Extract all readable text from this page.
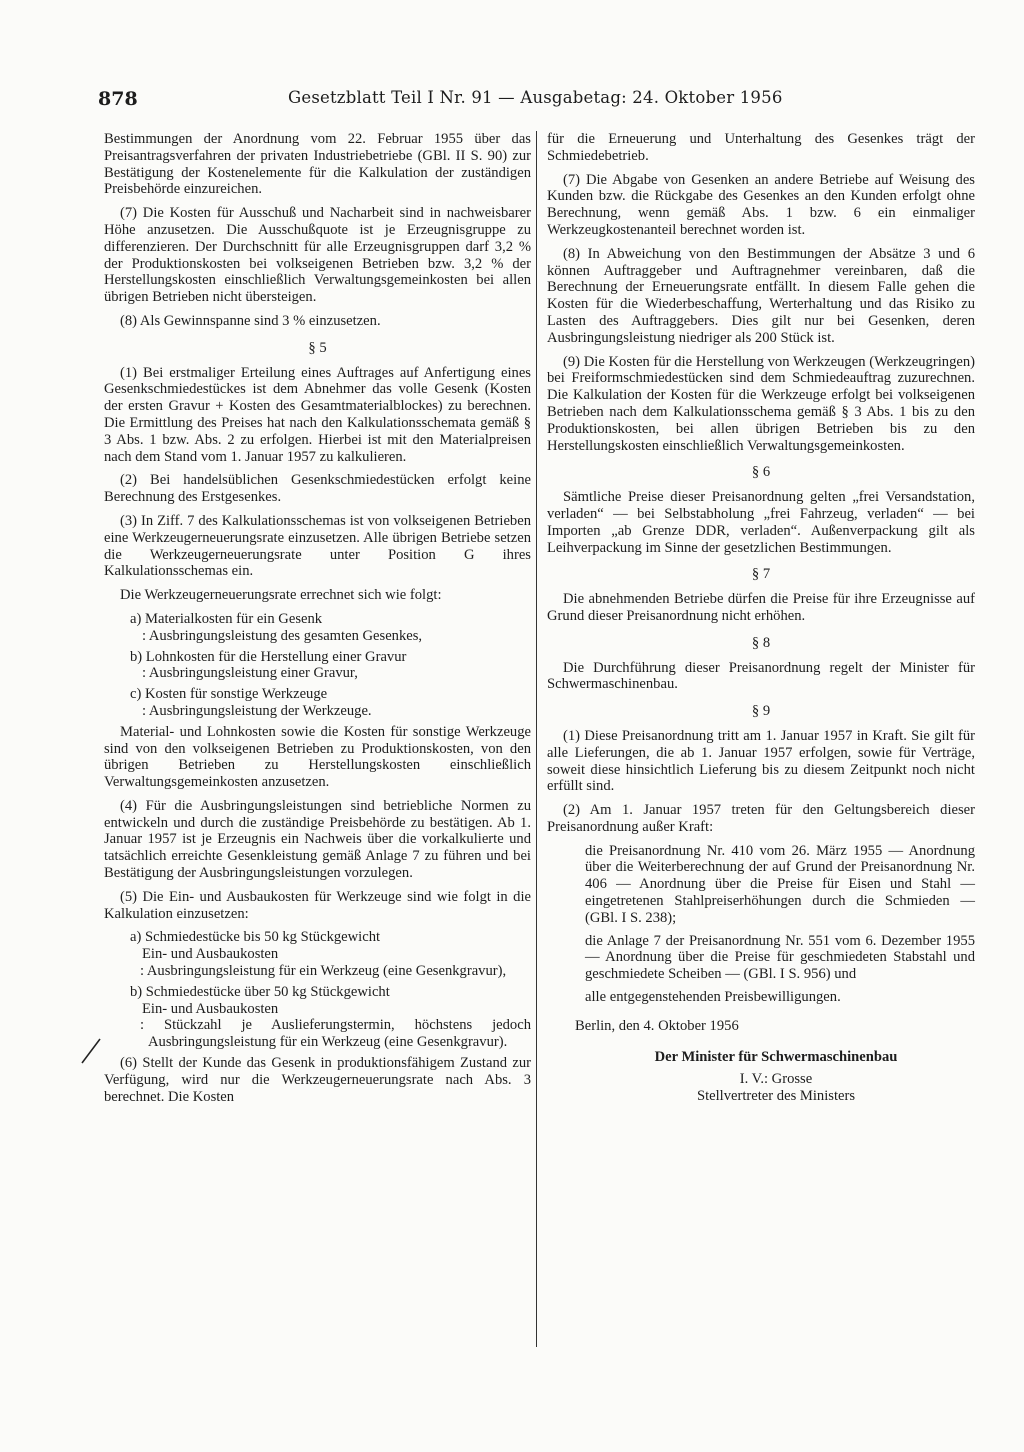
878	Gesetzblatt Teil I Nr. 91 — Ausgabetag: 24. Oktober 1956

Bestimmungen der Anordnung vom 22. Februar 1955 über das Preisantragsverfahren der privaten Industriebetriebe (GBl. II S. 90) zur Bestätigung der Kostenelemente für die Kalkulation der zuständigen Preisbehörde einzureichen.

(7) Die Kosten für Ausschuß und Nacharbeit sind in nachweisbarer Höhe anzusetzen. Die Ausschußquote ist je Erzeugnisgruppe zu differenzieren. Der Durchschnitt für alle Erzeugnisgruppen darf 3,2 % der Produktionskosten bei volkseigenen Betrieben bzw. 3,2 % der Herstellungskosten einschließlich Verwaltungsgemeinkosten bei allen übrigen Betrieben nicht übersteigen.

(8) Als Gewinnspanne sind 3 % einzusetzen.

§ 5

(1) Bei erstmaliger Erteilung eines Auftrages auf Anfertigung eines Gesenkschmiedestückes ist dem Abnehmer das volle Gesenk (Kosten der ersten Gravur + Kosten des Gesamtmaterialblockes) zu berechnen. Die Ermittlung des Preises hat nach den Kalkulationsschemata gemäß § 3 Abs. 1 bzw. Abs. 2 zu erfolgen. Hierbei ist mit den Materialpreisen nach dem Stand vom 1. Januar 1957 zu kalkulieren.

(2) Bei handelsüblichen Gesenkschmiedestücken erfolgt keine Berechnung des Erstgesenkes.

(3) In Ziff. 7 des Kalkulationsschemas ist von volkseigenen Betrieben eine Werkzeugerneuerungsrate einzusetzen. Alle übrigen Betriebe setzen die Werkzeugerneuerungsrate unter Position G ihres Kalkulationsschemas ein.

Die Werkzeugerneuerungsrate errechnet sich wie folgt:

a) Materialkosten für ein Gesenk

: Ausbringungsleistung des gesamten Gesenkes,

b) Lohnkosten für die Herstellung einer Gravur

: Ausbringungsleistung einer Gravur,

c) Kosten für sonstige Werkzeuge

: Ausbringungsleistung der Werkzeuge.

Material- und Lohnkosten sowie die Kosten für sonstige Werkzeuge sind von den volkseigenen Betrieben zu Produktionskosten, von den übrigen Betrieben zu Herstellungskosten einschließlich Verwaltungsgemeinkosten anzusetzen.

(4) Für die Ausbringungsleistungen sind betriebliche Normen zu entwickeln und durch die zuständige Preisbehörde zu bestätigen. Ab 1. Januar 1957 ist je Erzeugnis ein Nachweis über die vorkalkulierte und tatsächlich erreichte Gesenkleistung gemäß Anlage 7 zu führen und bei Bestätigung der Ausbringungsleistungen vorzulegen.

(5) Die Ein- und Ausbaukosten für Werkzeuge sind wie folgt in die Kalkulation einzusetzen:

a) Schmiedestücke bis 50 kg Stückgewicht

Ein- und Ausbaukosten

: Ausbringungsleistung für ein Werkzeug (eine Gesenkgravur),

b) Schmiedestücke über 50 kg Stückgewicht

Ein- und Ausbaukosten

: Stückzahl je Auslieferungstermin, höchstens jedoch Ausbringungsleistung für ein Werkzeug (eine Gesenkgravur).

(6) Stellt der Kunde das Gesenk in produktionsfähigem Zustand zur Verfügung, wird nur die Werkzeugerneuerungsrate nach Abs. 3 berechnet. Die Kosten

für die Erneuerung und Unterhaltung des Gesenkes trägt der Schmiedebetrieb.

(7) Die Abgabe von Gesenken an andere Betriebe auf Weisung des Kunden bzw. die Rückgabe des Gesenkes an den Kunden erfolgt ohne Berechnung, wenn gemäß Abs. 1 bzw. 6 ein einmaliger Werkzeugkostenanteil berechnet worden ist.

(8) In Abweichung von den Bestimmungen der Absätze 3 und 6 können Auftraggeber und Auftragnehmer vereinbaren, daß die Berechnung der Erneuerungsrate entfällt. In diesem Falle gehen die Kosten für die Wiederbeschaffung, Werterhaltung und das Risiko zu Lasten des Auftraggebers. Dies gilt nur bei Gesenken, deren Ausbringungsleistung niedriger als 200 Stück ist.

(9) Die Kosten für die Herstellung von Werkzeugen (Werkzeugringen) bei Freiformschmiedestücken sind dem Schmiedeauftrag zuzurechnen. Die Kalkulation der Kosten für die Werkzeuge erfolgt bei volkseigenen Betrieben nach dem Kalkulationsschema gemäß § 3 Abs. 1 bis zu den Produktionskosten, bei allen übrigen Betrieben bis zu den Herstellungskosten einschließlich Verwaltungsgemeinkosten.

§ 6

Sämtliche Preise dieser Preisanordnung gelten „frei Versandstation, verladen“ — bei Selbstabholung „frei Fahrzeug, verladen“ — bei Importen „ab Grenze DDR, verladen“. Außenverpackung gilt als Leihverpackung im Sinne der gesetzlichen Bestimmungen.

§ 7

Die abnehmenden Betriebe dürfen die Preise für ihre Erzeugnisse auf Grund dieser Preisanordnung nicht erhöhen.

§ 8

Die Durchführung dieser Preisanordnung regelt der Minister für Schwermaschinenbau.

§ 9

(1) Diese Preisanordnung tritt am 1. Januar 1957 in Kraft. Sie gilt für alle Lieferungen, die ab 1. Januar 1957 erfolgen, sowie für Verträge, soweit diese hinsichtlich Lieferung bis zu diesem Zeitpunkt noch nicht erfüllt sind.

(2) Am 1. Januar 1957 treten für den Geltungsbereich dieser Preisanordnung außer Kraft:

die Preisanordnung Nr. 410 vom 26. März 1955 — Anordnung über die Weiterberechnung der auf Grund der Preisanordnung Nr. 406 — Anordnung über die Preise für Eisen und Stahl — eingetretenen Stahlpreiserhöhungen durch die Schmieden — (GBl. I S. 238);

die Anlage 7 der Preisanordnung Nr. 551 vom 6. Dezember 1955 — Anordnung über die Preise für geschmiedeten Stabstahl und geschmiedete Scheiben — (GBl. I S. 956) und

alle entgegenstehenden Preisbewilligungen.

Berlin, den 4. Oktober 1956

Der Minister für Schwermaschinenbau

I. V.: Grosse

Stellvertreter des Ministers
